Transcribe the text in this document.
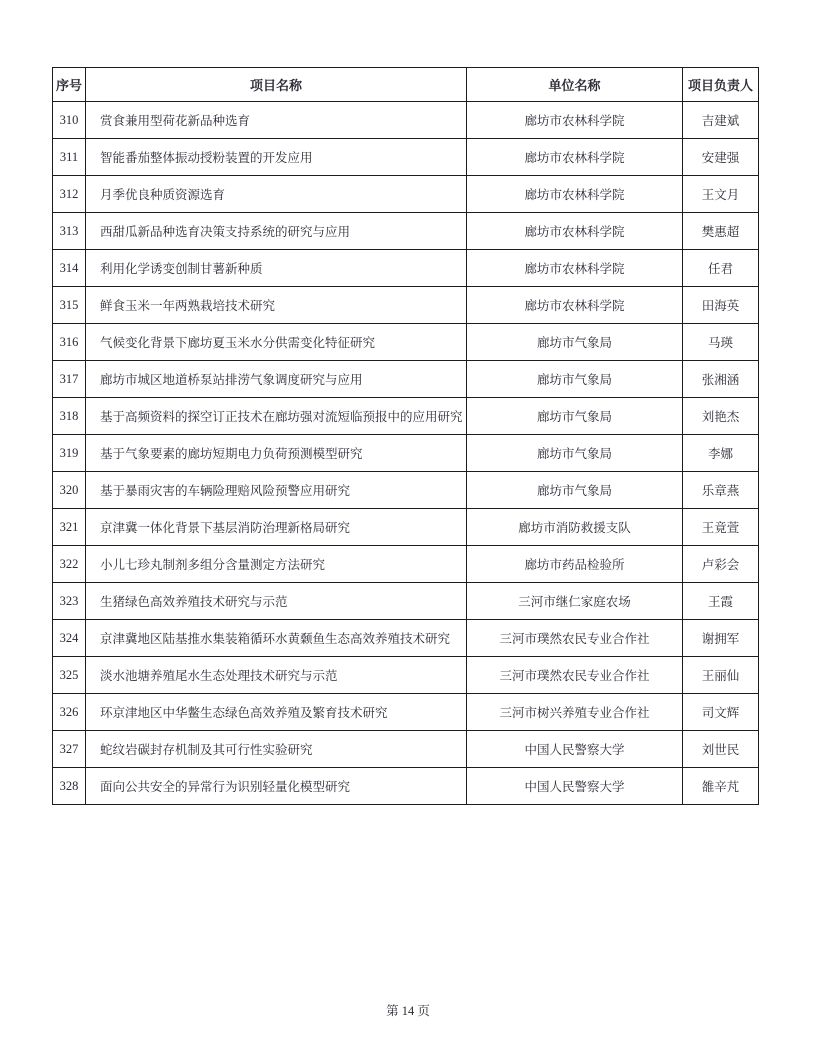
序号	项目名称	单位名称	项目负责人
310	赏食兼用型荷花新品种选育	廊坊市农林科学院	吉建斌
311	智能番茄整体振动授粉装置的开发应用	廊坊市农林科学院	安建强
312	月季优良种质资源选育	廊坊市农林科学院	王文月
313	西甜瓜新品种选育决策支持系统的研究与应用	廊坊市农林科学院	樊惠超
314	利用化学诱变创制甘薯新种质	廊坊市农林科学院	任君
315	鲜食玉米一年两熟栽培技术研究	廊坊市农林科学院	田海英
316	气候变化背景下廊坊夏玉米水分供需变化特征研究	廊坊市气象局	马瑛
317	廊坊市城区地道桥泵站排涝气象调度研究与应用	廊坊市气象局	张湘涵
318	基于高频资料的探空订正技术在廊坊强对流短临预报中的应用研究	廊坊市气象局	刘艳杰
319	基于气象要素的廊坊短期电力负荷预测模型研究	廊坊市气象局	李娜
320	基于暴雨灾害的车辆险理赔风险预警应用研究	廊坊市气象局	乐章燕
321	京津冀一体化背景下基层消防治理新格局研究	廊坊市消防救援支队	王竟萱
322	小儿七珍丸制剂多组分含量测定方法研究	廊坊市药品检验所	卢彩会
323	生猪绿色高效养殖技术研究与示范	三河市继仁家庭农场	王霞
324	京津冀地区陆基推水集装箱循环水黄颡鱼生态高效养殖技术研究	三河市璞然农民专业合作社	谢拥军
325	淡水池塘养殖尾水生态处理技术研究与示范	三河市璞然农民专业合作社	王丽仙
326	环京津地区中华鳖生态绿色高效养殖及繁育技术研究	三河市树兴养殖专业合作社	司文辉
327	蛇纹岩碳封存机制及其可行性实验研究	中国人民警察大学	刘世民
328	面向公共安全的异常行为识别轻量化模型研究	中国人民警察大学	雒辛芃
第 14 页
